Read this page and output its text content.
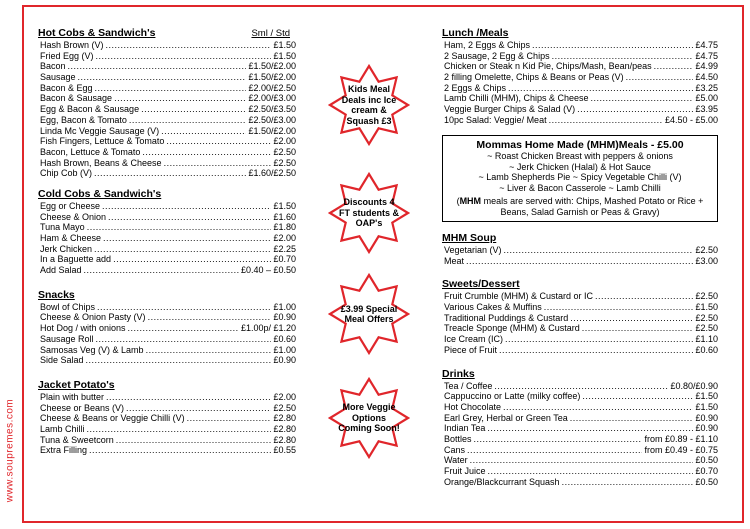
www.soupremes.com
Hot Cobs & Sandwich's	Sml / Std
Hash Brown (V) .....	£1.50
Fried Egg (V) .....	£1.50
Bacon .....	£1.50/£2.00
Sausage .....	£1.50/£2.00
Bacon & Egg .....	£2.00/£2.50
Bacon & Sausage .....	£2.00/£3.00
Egg & Bacon & Sausage .....	£2.50/£3.50
Egg, Bacon & Tomato .....	£2.50/£3.00
Linda Mc Veggie Sausage (V) .....	£1.50/£2.00
Fish Fingers, Lettuce & Tomato .....	£2.00
Bacon, Lettuce & Tomato .....	£2.50
Hash Brown, Beans & Cheese .....	£2.50
Chip Cob (V) .....	£1.60/£2.50
Cold Cobs & Sandwich's
Egg or Cheese .....	£1.50
Cheese & Onion .....	£1.60
Tuna Mayo .....	£1.80
Ham & Cheese .....	£2.00
Jerk Chicken .....	£2.25
In a Baguette add .....	£0.70
Add Salad .....	£0.40 – £0.50
Snacks
Bowl of Chips .....	£1.00
Cheese & Onion Pasty (V) .....	£0.90
Hot Dog / with onions .....	£1.00p/ £1.20
Sausage Roll .....	£0.60
Samosas Veg (V) & Lamb .....	£1.00
Side Salad .....	£0.90
Jacket Potato's
Plain with butter .....	£2.00
Cheese or Beans (V) .....	£2.50
Cheese & Beans or Veggie Chilli (V) .....	£2.80
Lamb Chilli .....	£2.80
Tuna & Sweetcorn .....	£2.80
Extra Filling .....	£0.55
Kids Meal Deals inc Ice cream & Squash £3
Discounts 4 FT students & OAP's
£3.99 Special Meal Offers
More Veggie Options Coming Soon!
Lunch /Meals
Ham, 2 Eggs & Chips .....	£4.75
2 Sausage, 2 Egg & Chips .....	£4.75
Chicken or Steak n Kid Pie, Chips/Mash, Bean/peas .....	£4.99
2 filling Omelette, Chips & Beans or Peas (V) .....	£4.50
2 Eggs & Chips .....	£3.25
Lamb Chilli (MHM), Chips & Cheese .....	£5.00
Veggie Burger Chips & Salad (V) .....	£3.95
10pc Salad: Veggie/ Meat .....	£4.50 - £5.00
Mommas Home Made (MHM)Meals - £5.00
~ Roast Chicken Breast with peppers & onions
~ Jerk Chicken (Halal) & Hot Sauce
~ Lamb Shepherds Pie ~ Spicy Vegetable Chilli (V)
~ Liver & Bacon Casserole ~ Lamb Chilli
(MHM meals are served with: Chips, Mashed Potato or Rice + Beans, Salad Garnish or Peas & Gravy)
MHM Soup
Vegetarian (V) .....	£2.50
Meat .....	£3.00
Sweets/Dessert
Fruit Crumble (MHM) & Custard or IC .....	£2.50
Various Cakes & Muffins .....	£1.50
Traditional Puddings & Custard .....	£2.50
Treacle Sponge (MHM) & Custard .....	£2.50
Ice Cream (IC) .....	£1.10
Piece of Fruit .....	£0.60
Drinks
Tea / Coffee .....	£0.80/£0.90
Cappuccino or Latte (milky coffee) .....	£1.50
Hot Chocolate .....	£1.50
Earl Grey, Herbal or Green Tea .....	£0.90
Indian Tea .....	£0.90
Bottles .....	from £0.89 - £1.10
Cans .....	from £0.49 - £0.75
Water .....	£0.50
Fruit Juice .....	£0.70
Orange/Blackcurrant Squash .....	£0.50
